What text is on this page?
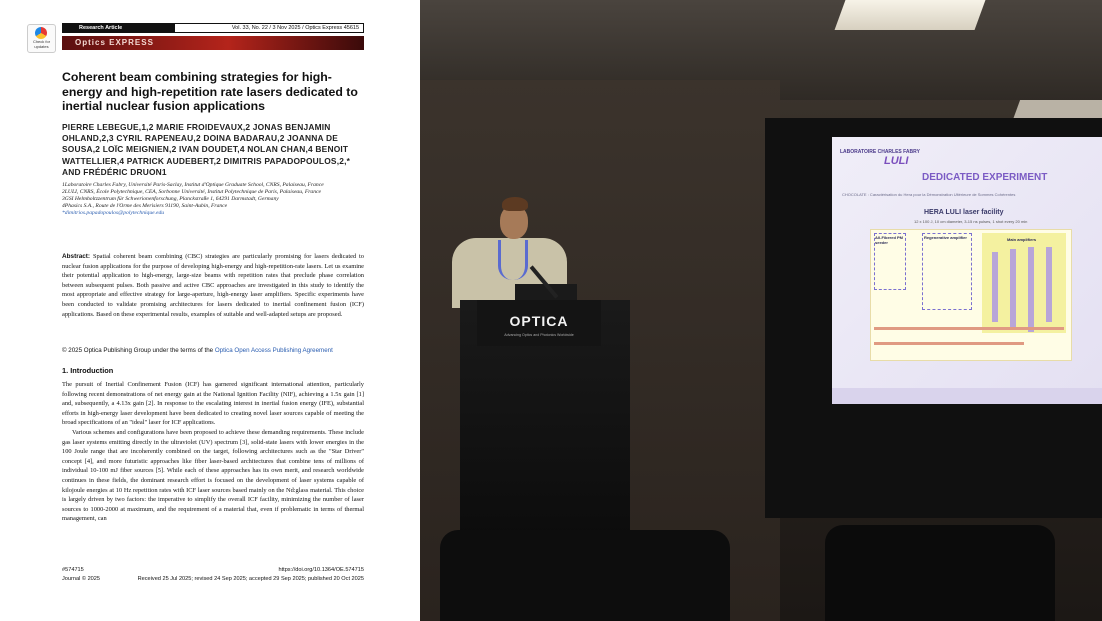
Check for updates
Research Article	Vol. 33, No. 22 / 3 Nov 2025 / Optics Express 45615
Optics EXPRESS
Coherent beam combining strategies for high-energy and high-repetition rate lasers dedicated to inertial nuclear fusion applications
PIERRE LEBEGUE,1,2 MARIE FROIDEVAUX,2 JONAS BENJAMIN OHLAND,2,3 CYRIL RAPENEAU,2 DOINA BADARAU,2 JOANNA DE SOUSA,2 LOÏC MEIGNIEN,2 IVAN DOUDET,4 NOLAN CHAN,4 BENOIT WATTELLIER,4 PATRICK AUDEBERT,2 DIMITRIS PAPADOPOULOS,2,* AND FRÉDÉRIC DRUON1
1Laboratoire Charles Fabry, Université Paris-Saclay, Institut d'Optique Graduate School, CNRS, Palaiseau, France
2LULI, CNRS, École Polytechnique, CEA, Sorbonne Université, Institut Polytechnique de Paris, Palaiseau, France
3GSI Helmholtzzentrum für Schwerionenforschung, Planckstraße 1, 64291 Darmstadt, Germany
4Phasics S.A., Route de l'Orme des Merisiers 91190, Saint-Aubin, France
*dimitrios.papadopoulos@polytechnique.edu
Abstract: Spatial coherent beam combining (CBC) strategies are particularly promising for lasers dedicated to nuclear fusion applications for the purpose of developing high-energy and high-repetition-rate lasers. Let us examine their potential application to high-energy, large-size beams with repetition rates that preclude phase correlation between subsequent pulses. Both passive and active CBC approaches are investigated in this study to identify the most appropriate and effective strategy for large-aperture, high-energy laser amplifiers. Specific experiments have been conducted to validate promising architectures for lasers dedicated to inertial confinement fusion (ICF) applications. Based on these experimental results, examples of suitable and well-adapted setups are proposed.
© 2025 Optica Publishing Group under the terms of the Optica Open Access Publishing Agreement
1. Introduction

The pursuit of Inertial Confinement Fusion (ICF) has garnered significant international attention, particularly following recent demonstrations of net energy gain at the National Ignition Facility (NIF), achieving a 1.5x gain [1] and, subsequently, a 4.13x gain [2]. In response to the escalating interest in inertial fusion energy (IFE), substantial efforts in high-energy laser development have been dedicated to creating novel laser sources capable of meeting the broad specifications of an "ideal" laser for ICF applications.

Various schemes and configurations have been proposed to achieve these demanding requirements. These include gas laser systems emitting directly in the ultraviolet (UV) spectrum [3], solid-state lasers with lower energies in the 100 Joule range that are incoherently combined on the target, following architectures such as the "Star Driver" concept [4], and more futuristic approaches like fiber laser-based architectures that combine tens of millions of individual 10-100 mJ fiber sources [5]. While each of these approaches has its own merit, and research worldwide continues in these fields, the dominant research effort is focused on the development of laser systems capable of kilojoule energies at 10 Hz repetition rates with ICF laser sources based mainly on the Nd:glass material. This choice is largely driven by two factors: the imperative to simplify the overall ICF facility, minimizing the number of laser sources to 1000-2000 at maximum, and the requirement of a material that, even if problematic in terms of thermal management, can

#574715	https://doi.org/10.1364/OE.574715
Journal © 2025	Received 25 Jul 2025; revised 24 Sep 2025; accepted 29 Sep 2025; published 20 Oct 2025
LABORATOIRE CHARLES FABRY
LULI
DEDICATED EXPERIMENT
CHOCOLATE : Caractérisation du Hera pour la Démonstration Ultérieure de Sommes Cohérentes
HERA LULI laser facility
12 x 100 J, 10 cm diameter, 3-15 ns pulses, 1 shot every 20 min
All-Fibered PM seeder
Regenerative amplifier	Main amplifiers
OPTICA
Advancing Optics and Photonics Worldwide
